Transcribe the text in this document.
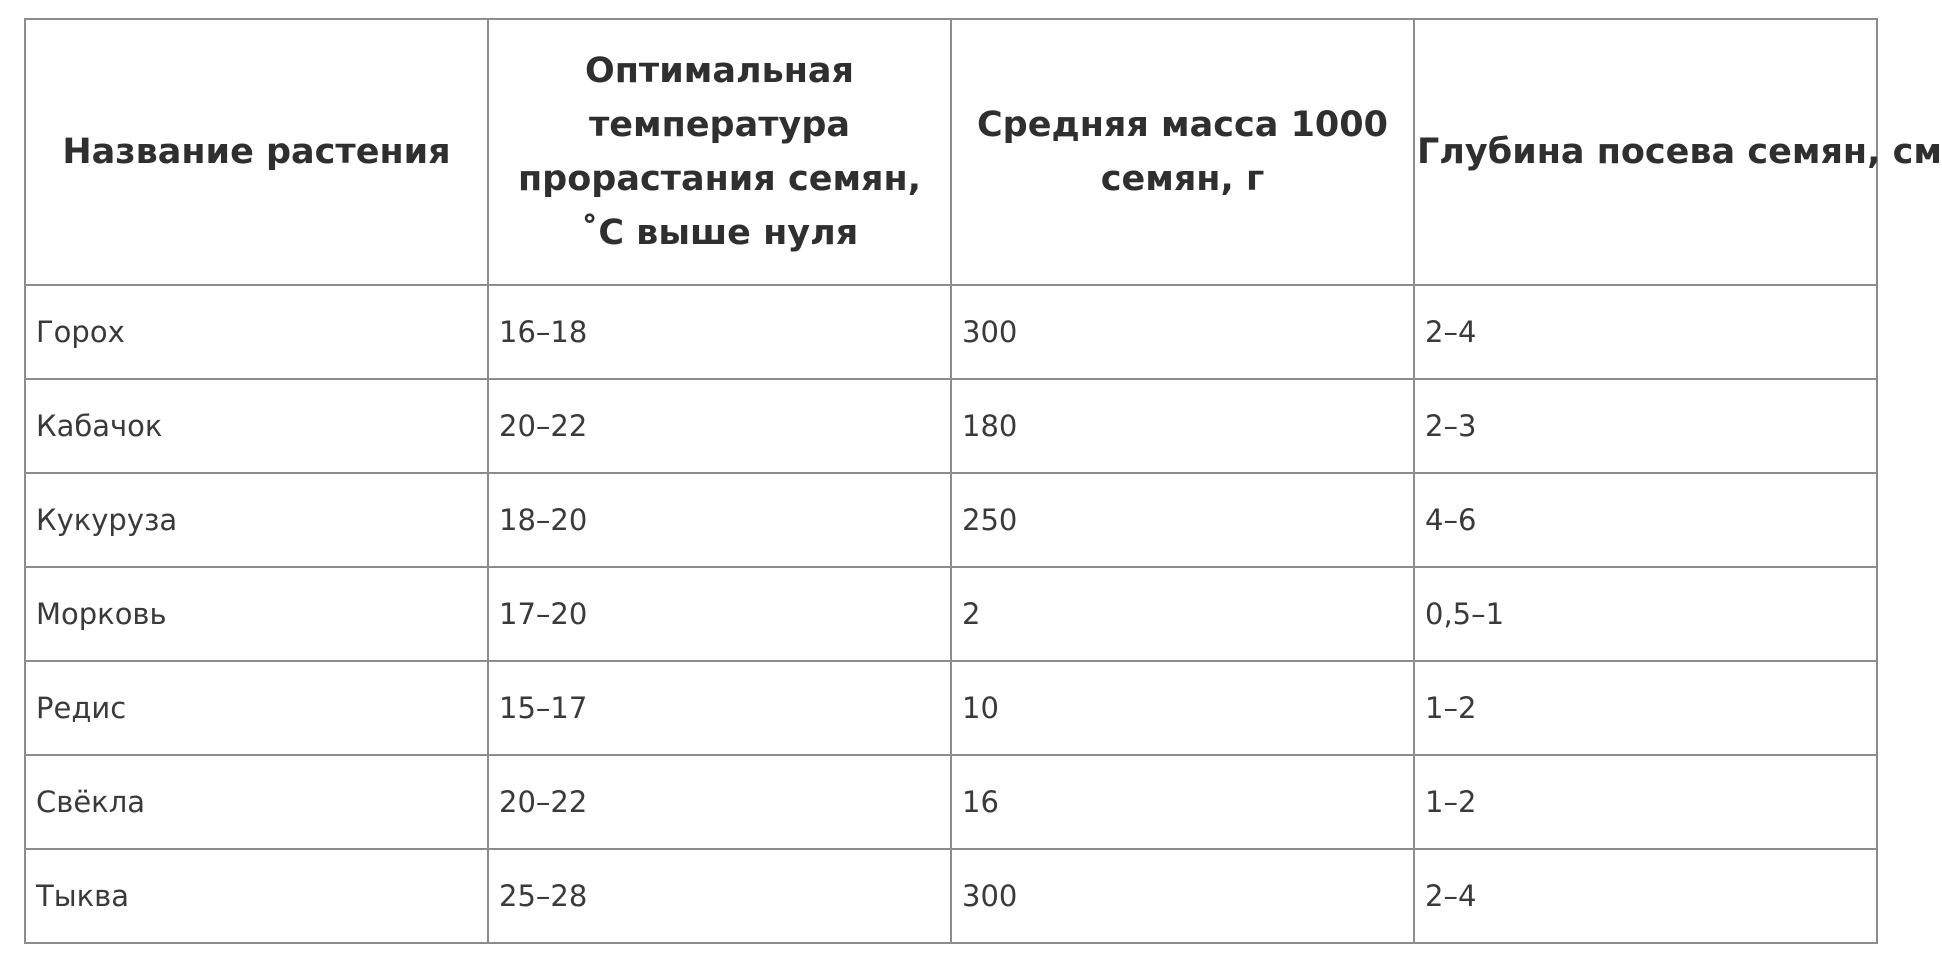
Название растения	Оптимальная температура прорастания семян, ˚С выше нуля	Средняя масса 1000 семян, г	Глубина посева семян, см
Горох	16–18	300	2–4
Кабачок	20–22	180	2–3
Кукуруза	18–20	250	4–6
Морковь	17–20	2	0,5–1
Редис	15–17	10	1–2
Свёкла	20–22	16	1–2
Тыква	25–28	300	2–4
